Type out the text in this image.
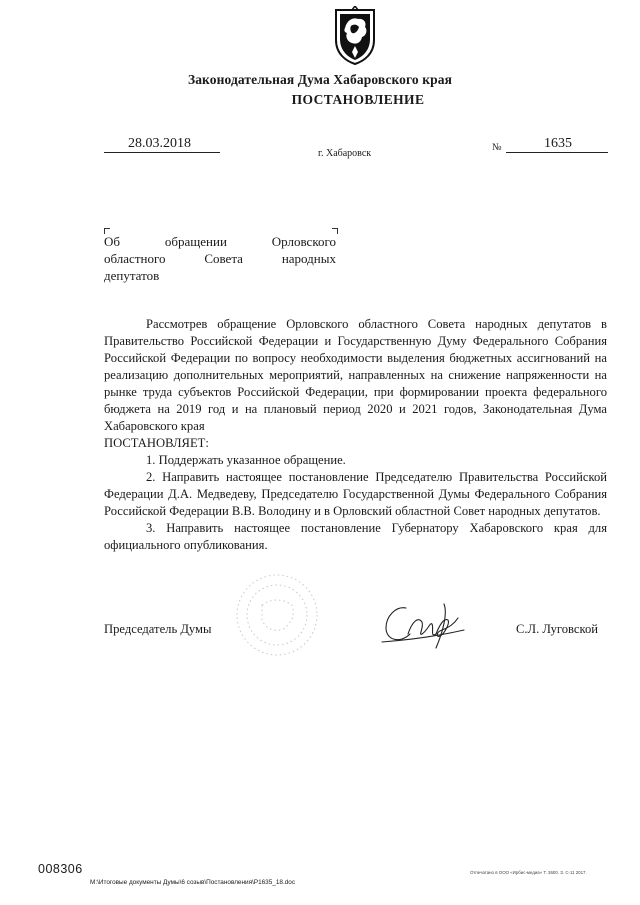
Законодательная Дума Хабаровского края
ПОСТАНОВЛЕНИЕ
28.03.2018
г. Хабаровск
№	1635
Об	обращении	Орловского
областного	Совета	народных
депутатов

Рассмотрев обращение Орловского областного Совета народных депутатов в Правительство Российской Федерации и Государственную Думу Федерального Собрания Российской Федерации по вопросу необходимости выделения бюджетных ассигнований на реализацию дополнительных мероприятий, направленных на снижение напряженности на рынке труда субъектов Российской Федерации, при формировании проекта федерального бюджета на 2019 год и на плановый период 2020 и 2021 годов, Законодательная Дума Хабаровского края

ПОСТАНОВЛЯЕТ:

1. Поддержать указанное обращение.

2. Направить настоящее постановление Председателю Правительства Российской Федерации Д.А. Медведеву, Председателю Государственной Думы Федерального Собрания Российской Федерации В.В. Володину и в Орловский областной Совет народных депутатов.

3. Направить настоящее постановление Губернатору Хабаровского края для официального опубликования.

Председатель Думы	С.Л. Луговской
008306
M:\Итоговые документы Думы\6 созыв\Постановления\P1635_18.doc
Отпечатано в ООО «Ирбис-медиа» Т. 3600. З. С-11 2017.
